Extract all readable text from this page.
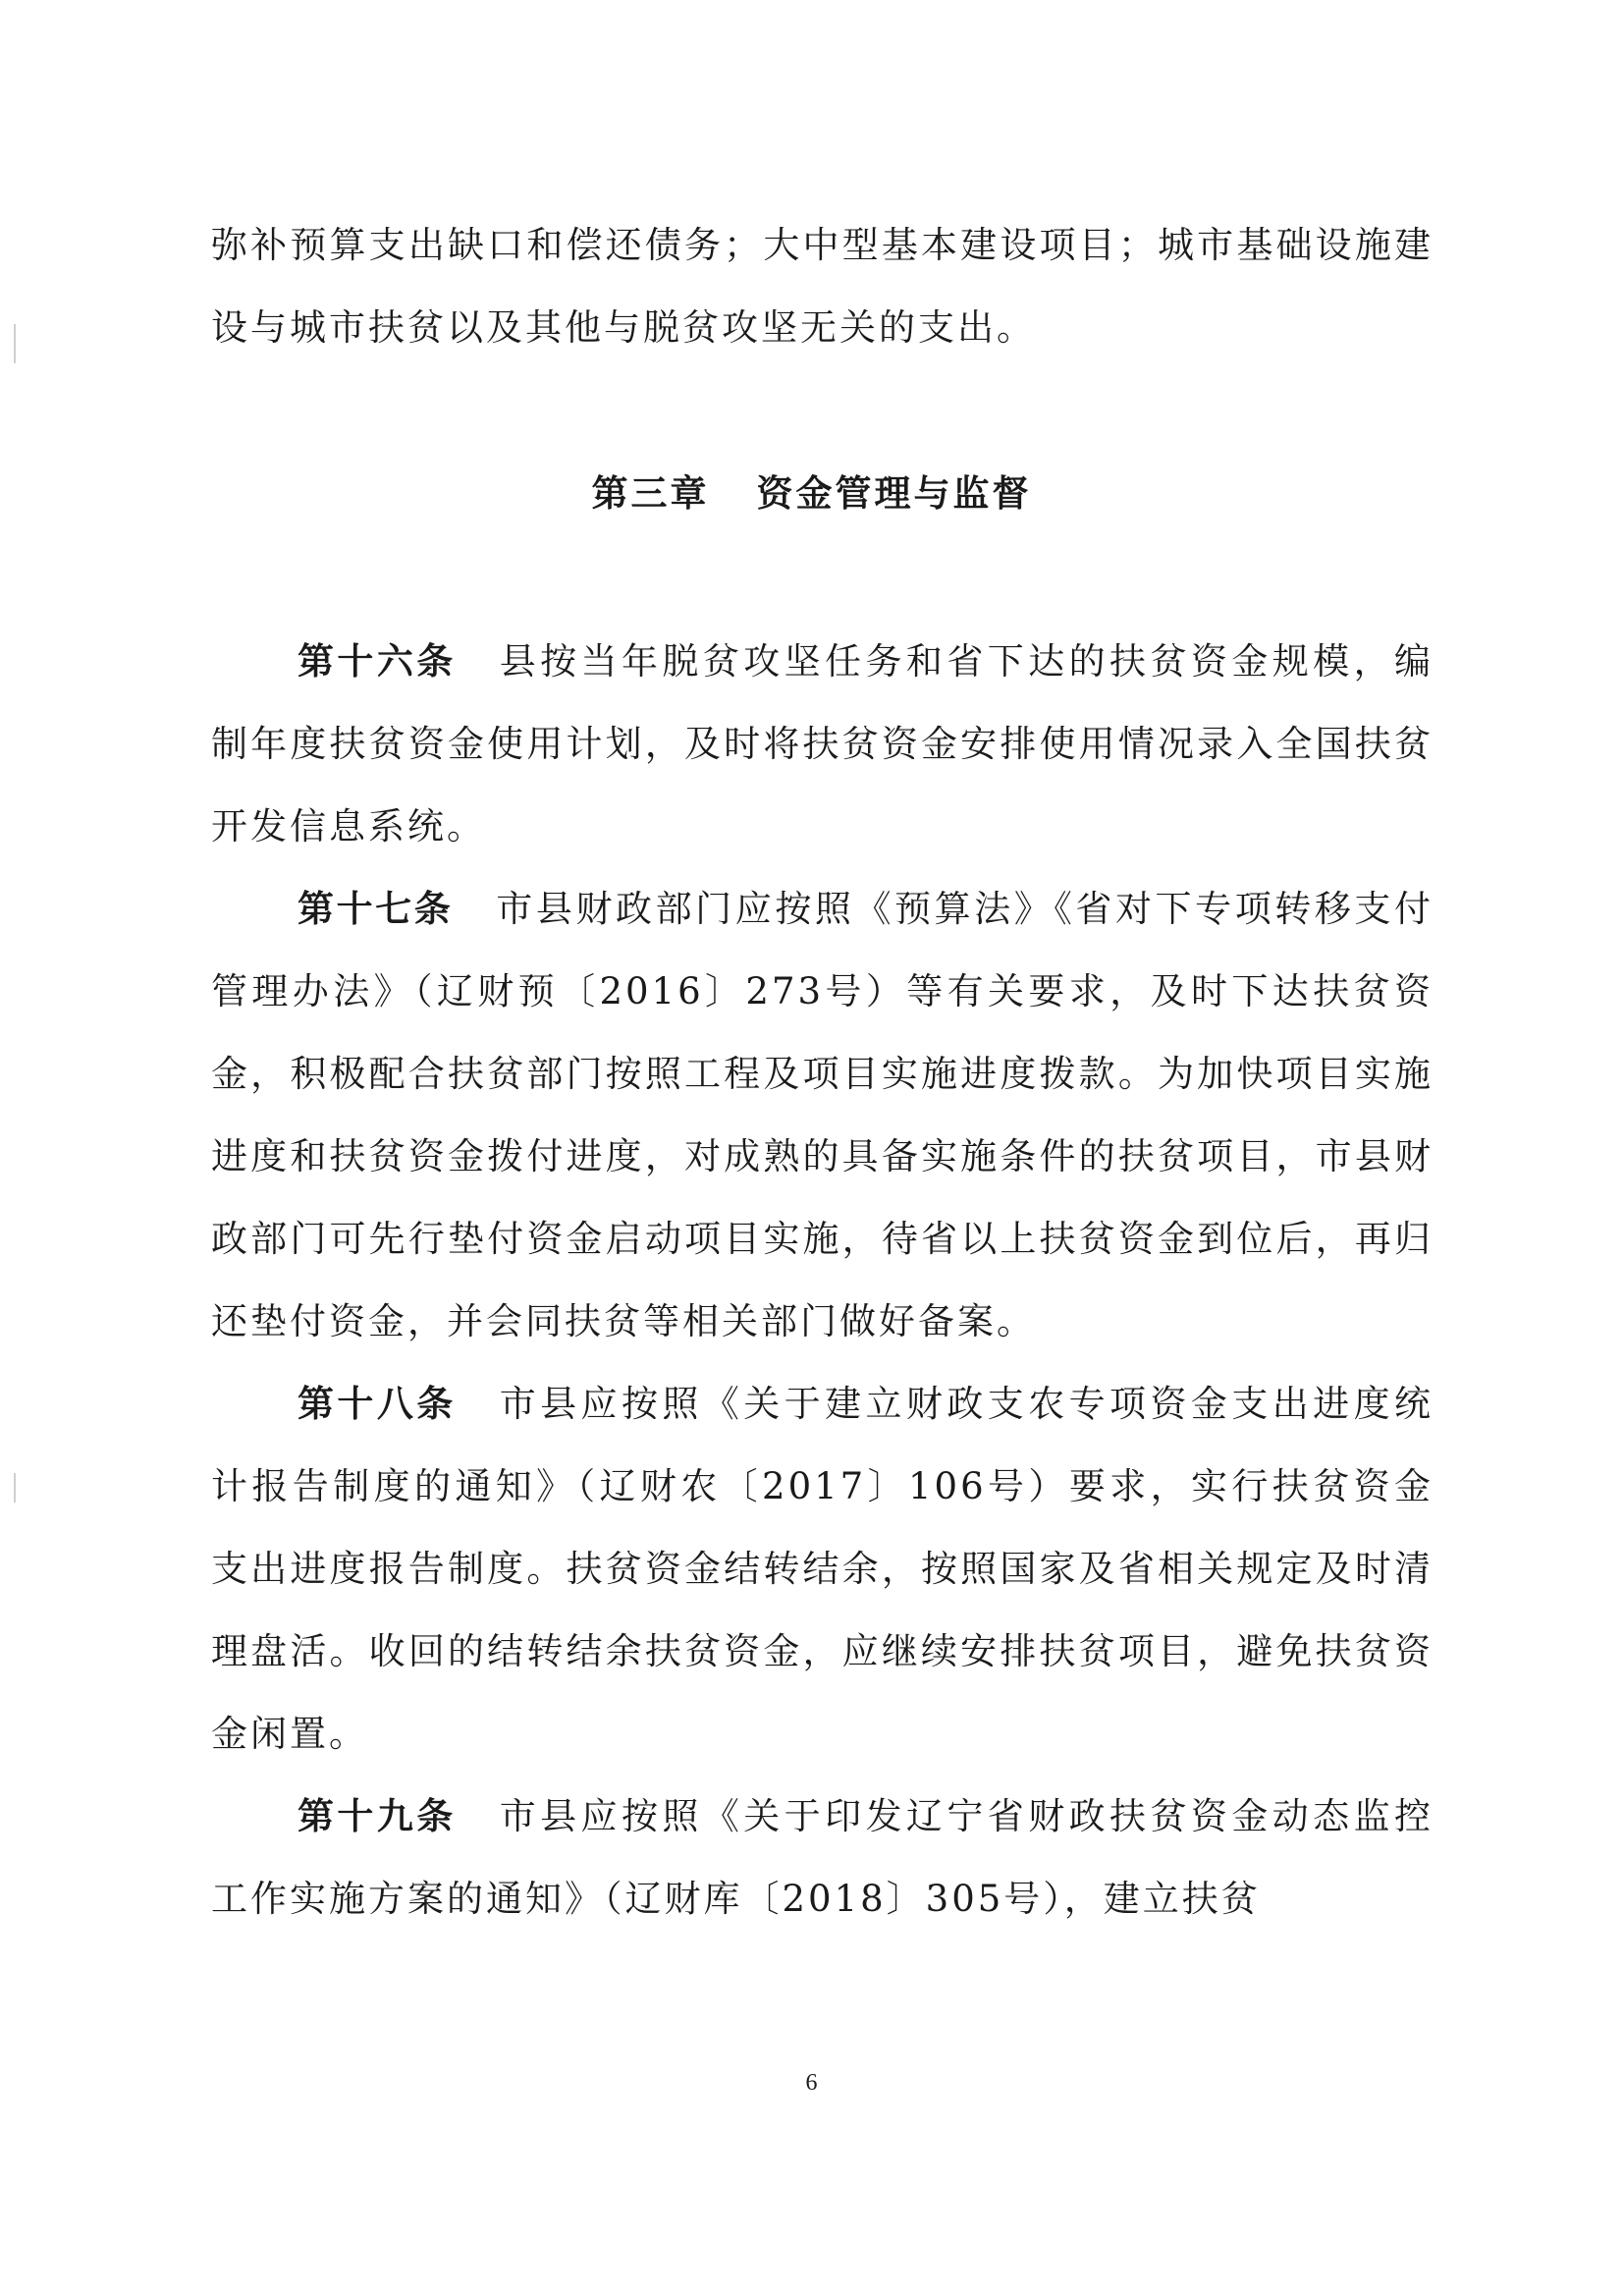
弥补预算支出缺口和偿还债务；大中型基本建设项目；城市基础设施建设与城市扶贫以及其他与脱贫攻坚无关的支出。

第三章 资金管理与监督

第十六条 县按当年脱贫攻坚任务和省下达的扶贫资金规模，编制年度扶贫资金使用计划，及时将扶贫资金安排使用情况录入全国扶贫开发信息系统。

第十七条 市县财政部门应按照《预算法》《省对下专项转移支付管理办法》（辽财预〔2016〕273号）等有关要求，及时下达扶贫资金，积极配合扶贫部门按照工程及项目实施进度拨款。为加快项目实施进度和扶贫资金拨付进度，对成熟的具备实施条件的扶贫项目，市县财政部门可先行垫付资金启动项目实施，待省以上扶贫资金到位后，再归还垫付资金，并会同扶贫等相关部门做好备案。

第十八条 市县应按照《关于建立财政支农专项资金支出进度统计报告制度的通知》（辽财农〔2017〕106号）要求，实行扶贫资金支出进度报告制度。扶贫资金结转结余，按照国家及省相关规定及时清理盘活。收回的结转结余扶贫资金，应继续安排扶贫项目，避免扶贫资金闲置。

第十九条 市县应按照《关于印发辽宁省财政扶贫资金动态监控工作实施方案的通知》（辽财库〔2018〕305号），建立扶贫

6
